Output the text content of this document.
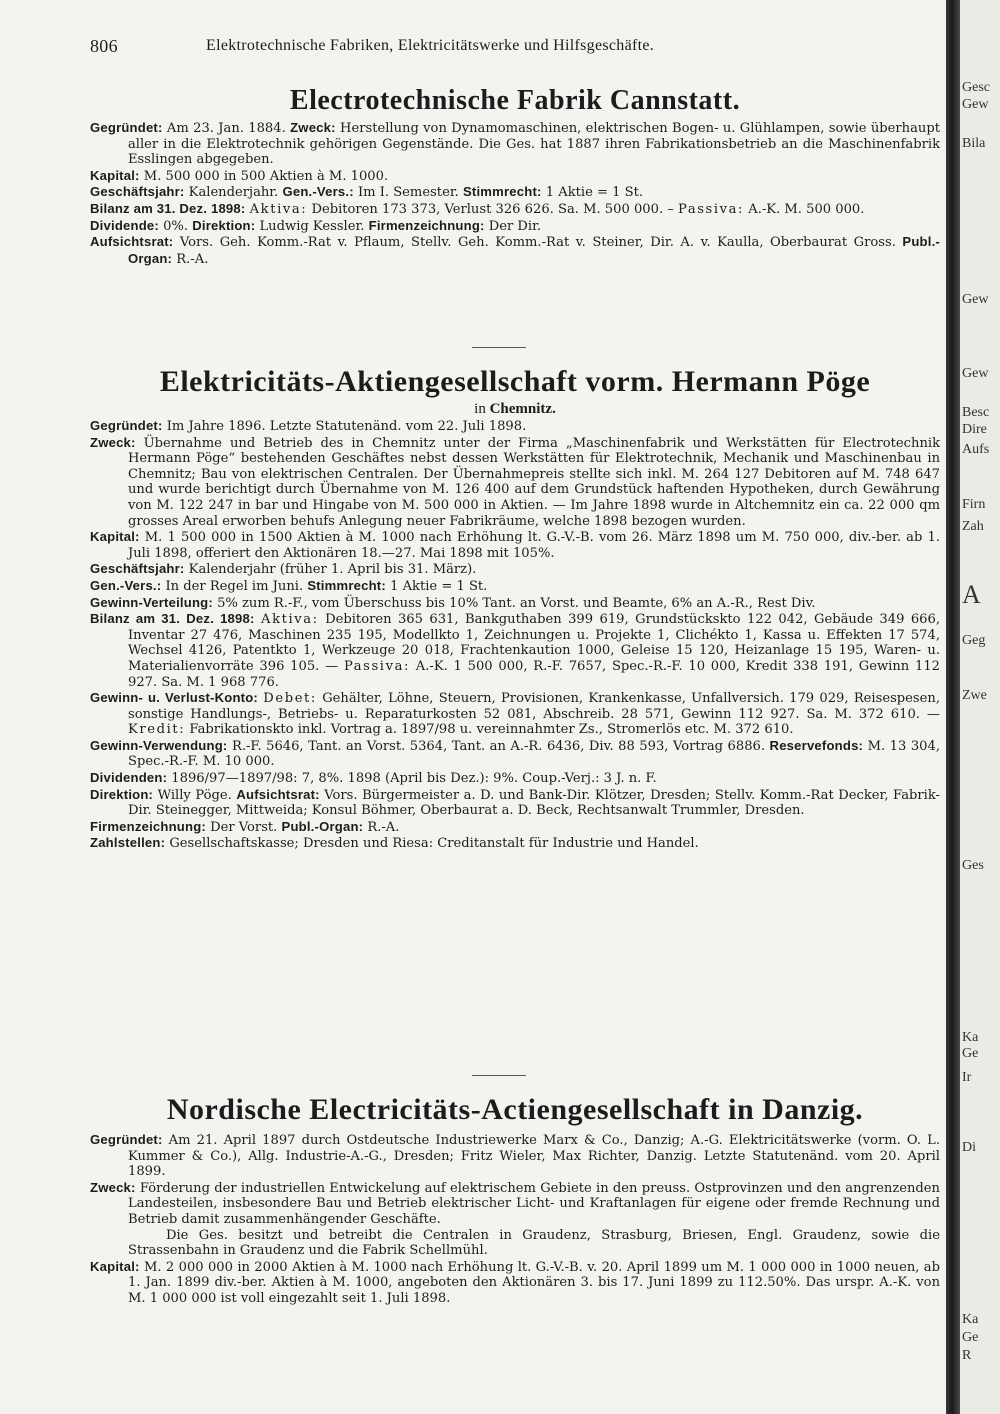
806	Elektrotechnische Fabriken, Elektricitätswerke und Hilfsgeschäfte.
Electrotechnische Fabrik Cannstatt.
Gegründet: Am 23. Jan. 1884. Zweck: Herstellung von Dynamomaschinen, elektrischen Bogen- u. Glühlampen, sowie überhaupt aller in die Elektrotechnik gehörigen Gegenstände. Die Ges. hat 1887 ihren Fabrikationsbetrieb an die Maschinenfabrik Esslingen abgegeben.
Kapital: M. 500 000 in 500 Aktien à M. 1000.
Geschäftsjahr: Kalenderjahr. Gen.-Vers.: Im I. Semester. Stimmrecht: 1 Aktie = 1 St.
Bilanz am 31. Dez. 1898: Aktiva: Debitoren 173 373, Verlust 326 626. Sa. M. 500 000. – Passiva: A.-K. M. 500 000.
Dividende: 0%. Direktion: Ludwig Kessler. Firmenzeichnung: Der Dir.
Aufsichtsrat: Vors. Geh. Komm.-Rat v. Pflaum, Stellv. Geh. Komm.-Rat v. Steiner, Dir. A. v. Kaulla, Oberbaurat Gross. Publ.-Organ: R.-A.
Elektricitäts-Aktiengesellschaft vorm. Hermann Pöge
in Chemnitz.
Gegründet: Im Jahre 1896. Letzte Statutenänd. vom 22. Juli 1898.
Zweck: Übernahme und Betrieb des in Chemnitz unter der Firma „Maschinenfabrik und Werkstätten für Electrotechnik Hermann Pöge“ bestehenden Geschäftes nebst dessen Werkstätten für Elektrotechnik, Mechanik und Maschinenbau in Chemnitz; Bau von elektrischen Centralen. Der Übernahmepreis stellte sich inkl. M. 264 127 Debitoren auf M. 748 647 und wurde berichtigt durch Übernahme von M. 126 400 auf dem Grundstück haftenden Hypotheken, durch Gewährung von M. 122 247 in bar und Hingabe von M. 500 000 in Aktien. — Im Jahre 1898 wurde in Altchemnitz ein ca. 22 000 qm grosses Areal erworben behufs Anlegung neuer Fabrikräume, welche 1898 bezogen wurden.
Kapital: M. 1 500 000 in 1500 Aktien à M. 1000 nach Erhöhung lt. G.-V.-B. vom 26. März 1898 um M. 750 000, div.-ber. ab 1. Juli 1898, offeriert den Aktionären 18.—27. Mai 1898 mit 105%.
Geschäftsjahr: Kalenderjahr (früher 1. April bis 31. März).
Gen.-Vers.: In der Regel im Juni. Stimmrecht: 1 Aktie = 1 St.
Gewinn-Verteilung: 5% zum R.-F., vom Überschuss bis 10% Tant. an Vorst. und Beamte, 6% an A.-R., Rest Div.
Bilanz am 31. Dez. 1898: Aktiva: Debitoren 365 631, Bankguthaben 399 619, Grundstückskto 122 042, Gebäude 349 666, Inventar 27 476, Maschinen 235 195, Modellkto 1, Zeichnungen u. Projekte 1, Clichékto 1, Kassa u. Effekten 17 574, Wechsel 4126, Patentkto 1, Werkzeuge 20 018, Frachtenkaution 1000, Geleise 15 120, Heizanlage 15 195, Waren- u. Materialienvorräte 396 105. — Passiva: A.-K. 1 500 000, R.-F. 7657, Spec.-R.-F. 10 000, Kredit 338 191, Gewinn 112 927. Sa. M. 1 968 776.
Gewinn- u. Verlust-Konto: Debet: Gehälter, Löhne, Steuern, Provisionen, Krankenkasse, Unfallversich. 179 029, Reisespesen, sonstige Handlungs-, Betriebs- u. Reparaturkosten 52 081, Abschreib. 28 571, Gewinn 112 927. Sa. M. 372 610. — Kredit: Fabrikationskto inkl. Vortrag a. 1897/98 u. vereinnahmter Zs., Stromerlös etc. M. 372 610.
Gewinn-Verwendung: R.-F. 5646, Tant. an Vorst. 5364, Tant. an A.-R. 6436, Div. 88 593, Vortrag 6886. Reservefonds: M. 13 304, Spec.-R.-F. M. 10 000.
Dividenden: 1896/97—1897/98: 7, 8%. 1898 (April bis Dez.): 9%. Coup.-Verj.: 3 J. n. F.
Direktion: Willy Pöge. Aufsichtsrat: Vors. Bürgermeister a. D. und Bank-Dir. Klötzer, Dresden; Stellv. Komm.-Rat Decker, Fabrik-Dir. Steinegger, Mittweida; Konsul Böhmer, Oberbaurat a. D. Beck, Rechtsanwalt Trummler, Dresden.
Firmenzeichnung: Der Vorst. Publ.-Organ: R.-A.
Zahlstellen: Gesellschaftskasse; Dresden und Riesa: Creditanstalt für Industrie und Handel.
Nordische Electricitäts-Actiengesellschaft in Danzig.
Gegründet: Am 21. April 1897 durch Ostdeutsche Industriewerke Marx & Co., Danzig; A.-G. Elektricitätswerke (vorm. O. L. Kummer & Co.), Allg. Industrie-A.-G., Dresden; Fritz Wieler, Max Richter, Danzig. Letzte Statutenänd. vom 20. April 1899.
Zweck: Förderung der industriellen Entwickelung auf elektrischem Gebiete in den preuss. Ostprovinzen und den angrenzenden Landesteilen, insbesondere Bau und Betrieb elektrischer Licht- und Kraftanlagen für eigene oder fremde Rechnung und Betrieb damit zusammenhängender Geschäfte.
Die Ges. besitzt und betreibt die Centralen in Graudenz, Strasburg, Briesen, Engl. Graudenz, sowie die Strassenbahn in Graudenz und die Fabrik Schellmühl.
Kapital: M. 2 000 000 in 2000 Aktien à M. 1000 nach Erhöhung lt. G.-V.-B. v. 20. April 1899 um M. 1 000 000 in 1000 neuen, ab 1. Jan. 1899 div.-ber. Aktien à M. 1000, angeboten den Aktionären 3. bis 17. Juni 1899 zu 112.50%. Das urspr. A.-K. von M. 1 000 000 ist voll eingezahlt seit 1. Juli 1898.
Gesc
Gew
Bila
Gew
Gew
Besc
Dire
Aufs
Firn
Zah
A
Geg
Zwe
Ges
Ka
Ge
Ir
Di
Ka
Ge
R
